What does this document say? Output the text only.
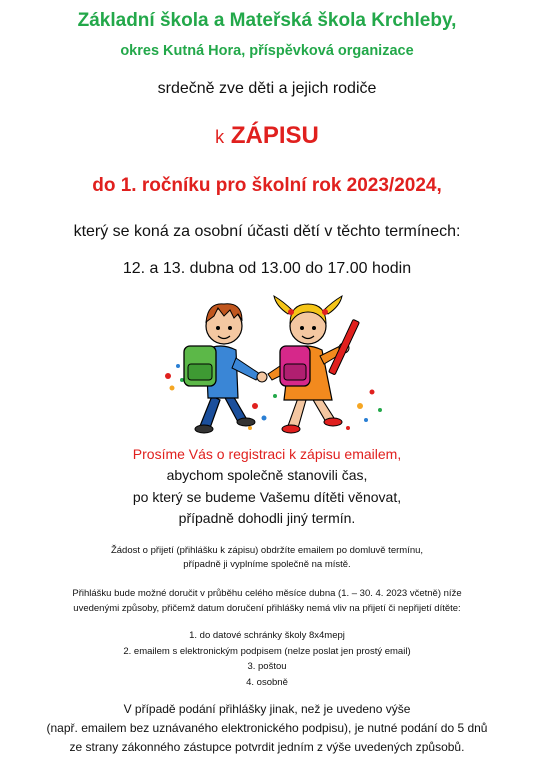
Základní škola a Mateřská škola Krchleby,
okres Kutná Hora, příspěvková organizace
srdečně zve děti a jejich rodiče
k ZÁPISU
do 1. ročníku pro školní rok 2023/2024,
který se koná za osobní účasti dětí v těchto termínech:
12. a 13. dubna od 13.00 do 17.00 hodin
Prosíme Vás o registraci k zápisu emailem,
abychom společně stanovili čas,
po který se budeme Vašemu dítěti věnovat,
případně dohodli jiný termín.
Žádost o přijetí (přihlášku k zápisu) obdržíte emailem po domluvě termínu,
případně ji vyplníme společně na místě.
Přihlášku bude možné doručit v průběhu celého měsíce dubna (1. – 30. 4. 2023 včetně) níže
uvedenými způsoby, přičemž datum doručení přihlášky nemá vliv na přijetí či nepřijetí dítěte:
1. do datové schránky školy 8x4mepj
2. emailem s elektronickým podpisem (nelze poslat jen prostý email)
3. poštou
4. osobně
V případě podání přihlášky jinak, než je uvedeno výše
(např. emailem bez uznávaného elektronického podpisu), je nutné podání do 5 dnů
ze strany zákonného zástupce potvrdit jedním z výše uvedených způsobů.
